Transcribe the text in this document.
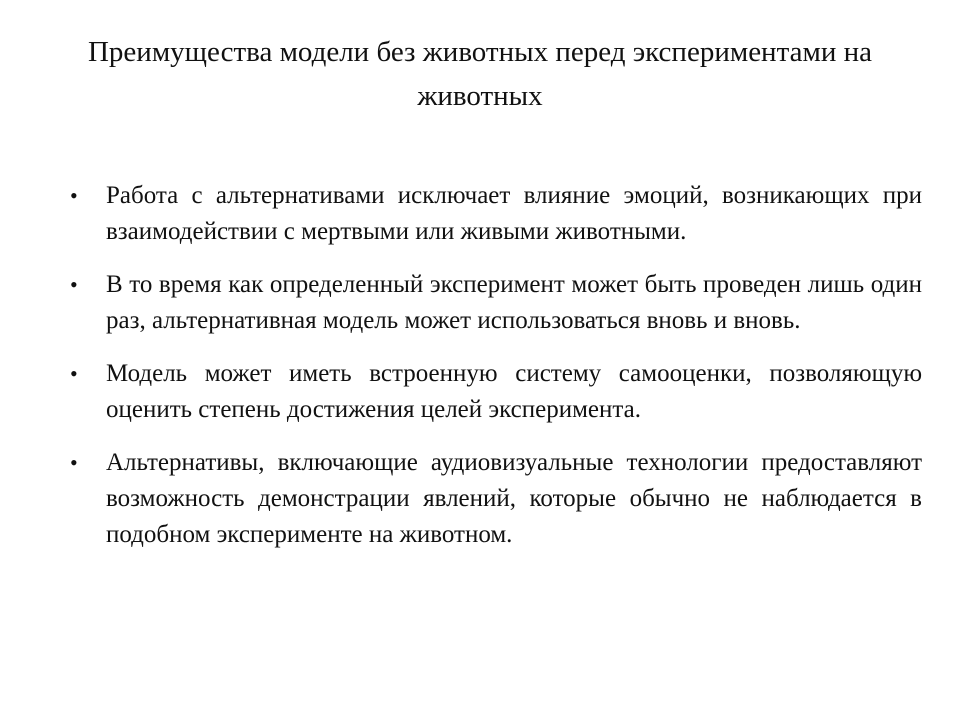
Преимущества модели без животных перед экспериментами на животных
• Работа с альтернативами исключает влияние эмоций, возникающих при взаимодействии с мертвыми или живыми животными.
• В то время как определенный эксперимент может быть проведен лишь один раз, альтернативная модель может использоваться вновь и вновь.
• Модель может иметь встроенную систему самооценки, позволяющую оценить степень достижения целей эксперимента.
• Альтернативы, включающие аудиовизуальные технологии предоставляют возможность демонстрации явлений, которые обычно не наблюдается в подобном эксперименте на животном.
